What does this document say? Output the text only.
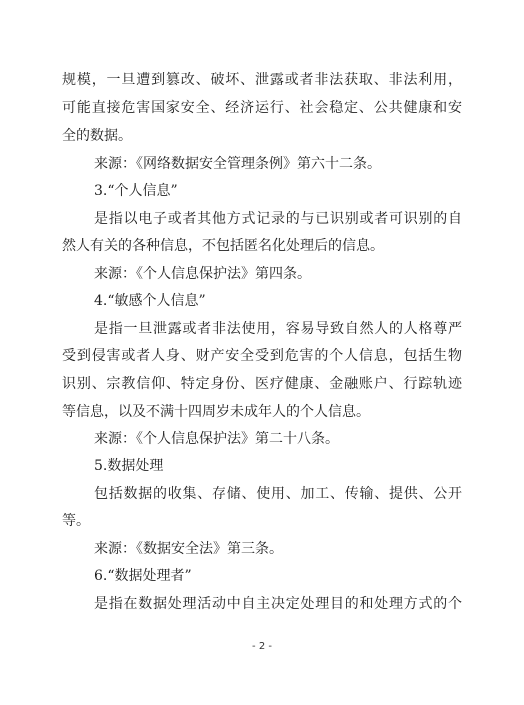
规模，一旦遭到篡改、破坏、泄露或者非法获取、非法利用，
可能直接危害国家安全、经济运行、社会稳定、公共健康和安
全的数据。
来源：《网络数据安全管理条例》第六十二条。
3.“个人信息”
是指以电子或者其他方式记录的与已识别或者可识别的自
然人有关的各种信息，不包括匿名化处理后的信息。
来源：《个人信息保护法》第四条。
4.“敏感个人信息”
是指一旦泄露或者非法使用，容易导致自然人的人格尊严
受到侵害或者人身、财产安全受到危害的个人信息，包括生物
识别、宗教信仰、特定身份、医疗健康、金融账户、行踪轨迹
等信息，以及不满十四周岁未成年人的个人信息。
来源：《个人信息保护法》第二十八条。
5.数据处理
包括数据的收集、存储、使用、加工、传输、提供、公开
等。
来源：《数据安全法》第三条。
6.“数据处理者”
是指在数据处理活动中自主决定处理目的和处理方式的个
- 2 -
